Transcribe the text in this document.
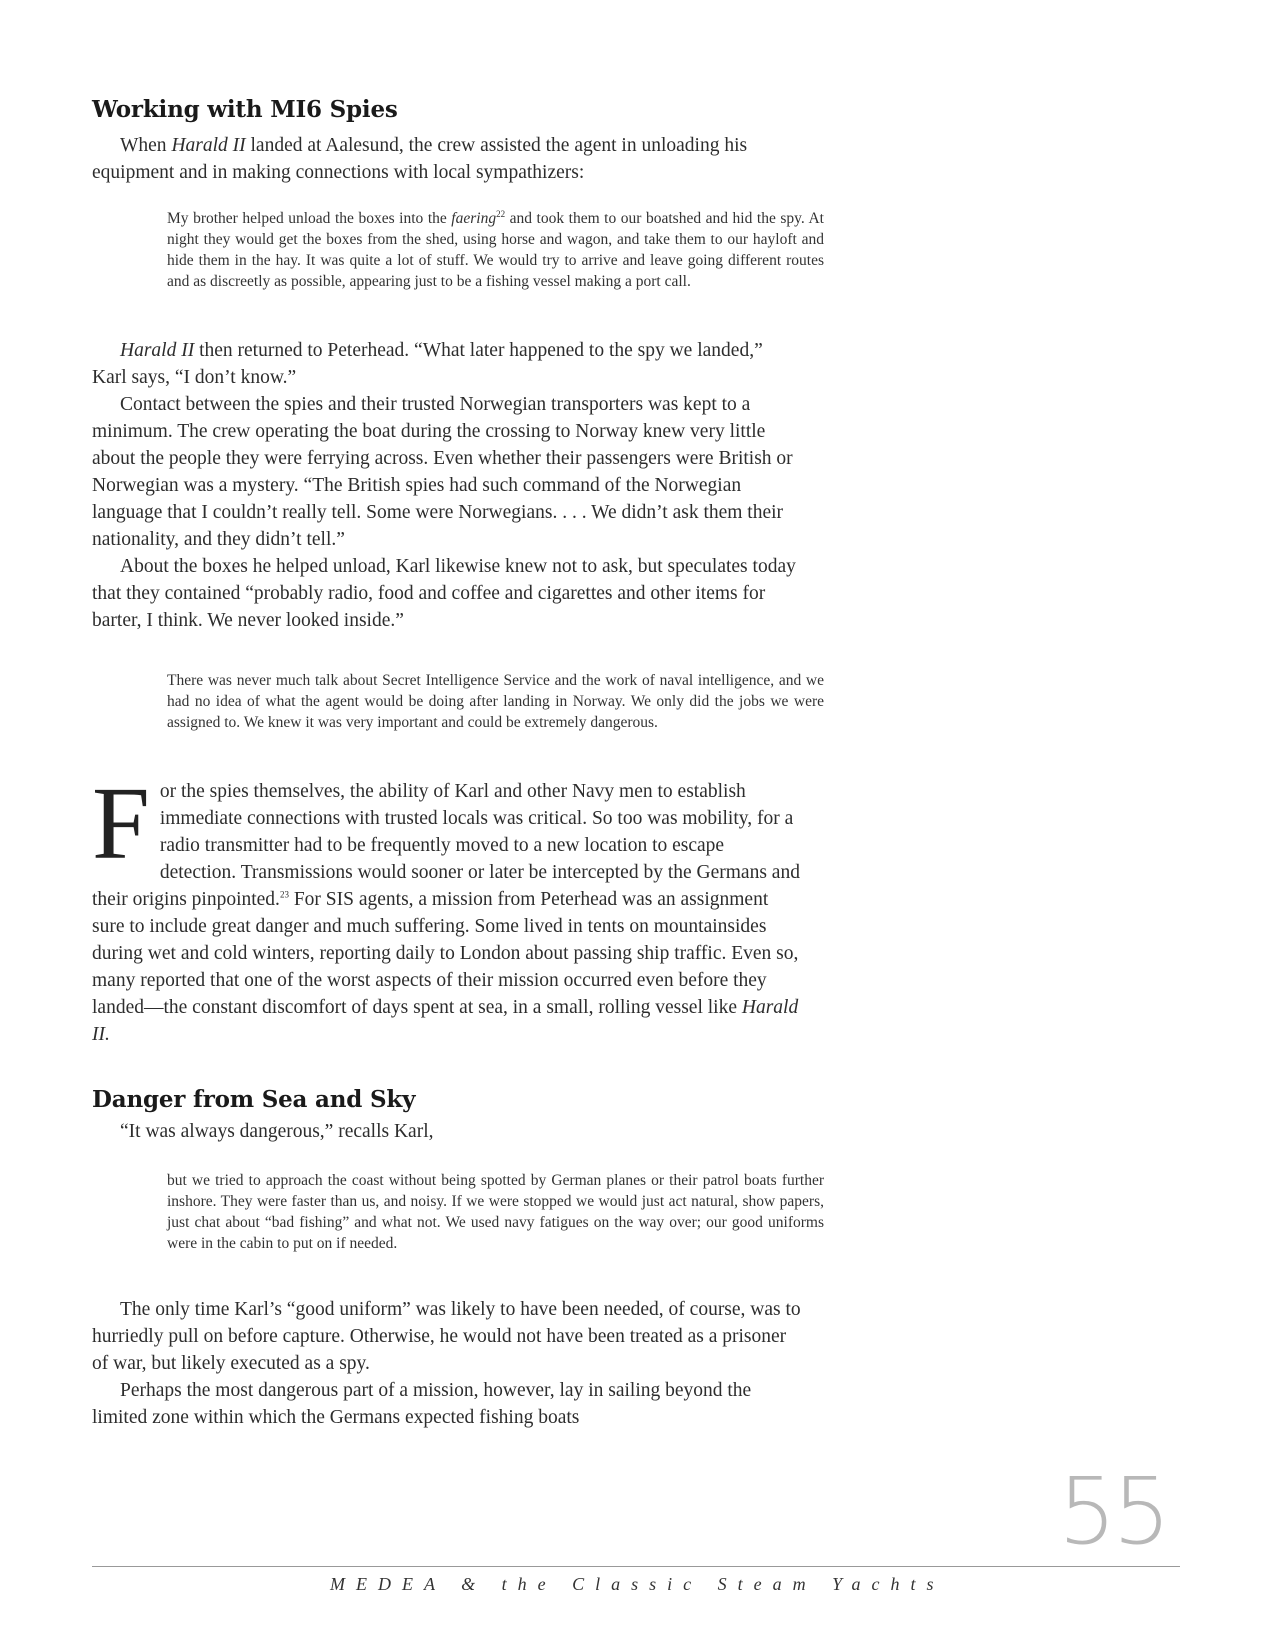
Working with MI6 Spies

When Harald II landed at Aalesund, the crew assisted the agent in unloading his equipment and in making connections with local sympathizers:

My brother helped unload the boxes into the faering$^{22}$ and took them to our boatshed and hid the spy. At night they would get the boxes from the shed, using horse and wagon, and take them to our hayloft and hide them in the hay. It was quite a lot of stuff. We would try to arrive and leave going different routes and as discreetly as possible, appearing just to be a fishing vessel making a port call.

Harald II then returned to Peterhead. “What later happened to the spy we landed,” Karl says, “I don’t know.”

Contact between the spies and their trusted Norwegian transporters was kept to a minimum. The crew operating the boat during the crossing to Norway knew very little about the people they were ferrying across. Even whether their passengers were British or Norwegian was a mystery. “The British spies had such command of the Norwegian language that I couldn’t really tell. Some were Norwegians. . . . We didn’t ask them their nationality, and they didn’t tell.”

About the boxes he helped unload, Karl likewise knew not to ask, but speculates today that they contained “probably radio, food and coffee and cigarettes and other items for barter, I think. We never looked inside.”

There was never much talk about Secret Intelligence Service and the work of naval intelligence, and we had no idea of what the agent would be doing after landing in Norway. We only did the jobs we were assigned to. We knew it was very important and could be extremely dangerous.

For the spies themselves, the ability of Karl and other Navy men to establish immediate connections with trusted locals was critical. So too was mobility, for a radio transmitter had to be frequently moved to a new location to escape detection. Transmissions would sooner or later be intercepted by the Germans and their origins pinpointed.$^{23}$ For SIS agents, a mission from Peterhead was an assignment sure to include great danger and much suffering. Some lived in tents on mountainsides during wet and cold winters, reporting daily to London about passing ship traffic. Even so, many reported that one of the worst aspects of their mission occurred even before they landed—the constant discomfort of days spent at sea, in a small, rolling vessel like Harald II.

Danger from Sea and Sky

“It was always dangerous,” recalls Karl,

but we tried to approach the coast without being spotted by German planes or their patrol boats further inshore. They were faster than us, and noisy. If we were stopped we would just act natural, show papers, just chat about “bad fishing” and what not. We used navy fatigues on the way over; our good uniforms were in the cabin to put on if needed.

The only time Karl’s “good uniform” was likely to have been needed, of course, was to hurriedly pull on before capture. Otherwise, he would not have been treated as a prisoner of war, but likely executed as a spy.

Perhaps the most dangerous part of a mission, however, lay in sailing beyond the limited zone within which the Germans expected fishing boats

55
MEDEA & the Classic Steam Yachts
